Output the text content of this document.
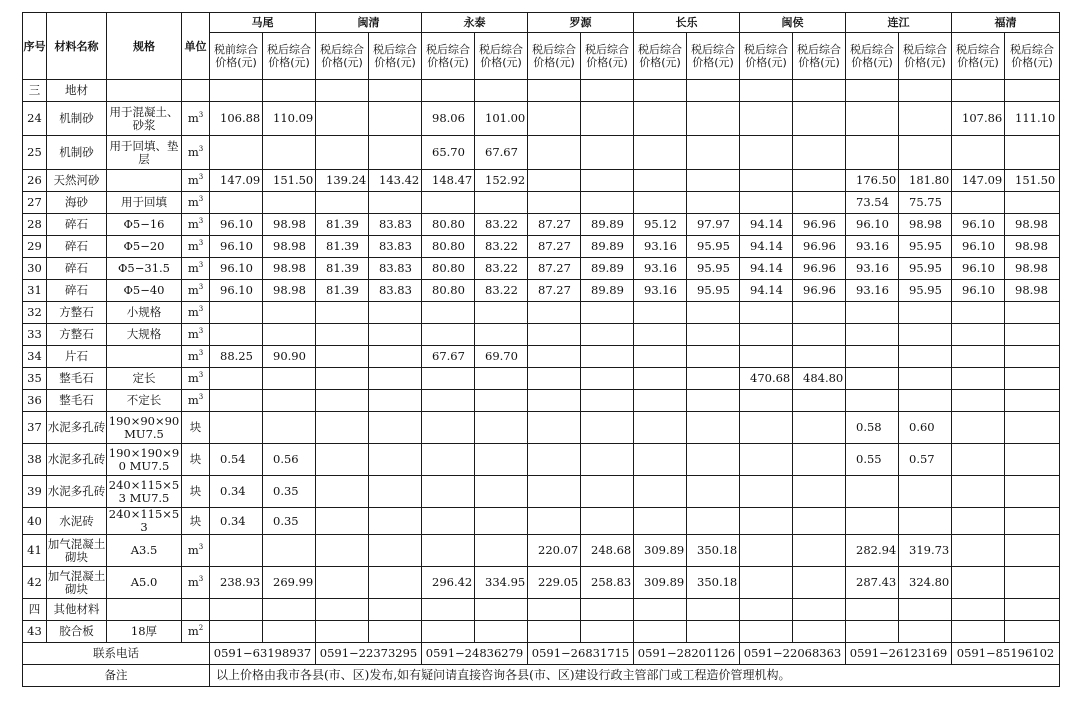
序号	材料名称	规格	单位	马尾		闽清		永泰		罗源		长乐		闽侯		连江		福清	
				税前综合价格(元)	税后综合价格(元)	税后综合价格(元)	税后综合价格(元)	税后综合价格(元)	税后综合价格(元)	税后综合价格(元)	税后综合价格(元)	税后综合价格(元)	税后综合价格(元)	税后综合价格(元)	税后综合价格(元)	税后综合价格(元)	税后综合价格(元)	税后综合价格(元)	税后综合价格(元)
三	地材																		
24	机制砂	用于混凝土、砂浆	$m^3$	106.88	110.09			98.06	101.00									107.86	111.10
25	机制砂	用于回填、垫层	$m^3$					65.70	67.67										
26	天然河砂		$m^3$	147.09	151.50	139.24	143.42	148.47	152.92							176.50	181.80	147.09	151.50
27	海砂	用于回填	$m^3$													73.54	75.75		
28	碎石	Φ5−16	$m^3$	96.10	98.98	81.39	83.83	80.80	83.22	87.27	89.89	95.12	97.97	94.14	96.96	96.10	98.98	96.10	98.98
29	碎石	Φ5−20	$m^3$	96.10	98.98	81.39	83.83	80.80	83.22	87.27	89.89	93.16	95.95	94.14	96.96	93.16	95.95	96.10	98.98
30	碎石	Φ5−31.5	$m^3$	96.10	98.98	81.39	83.83	80.80	83.22	87.27	89.89	93.16	95.95	94.14	96.96	93.16	95.95	96.10	98.98
31	碎石	Φ5−40	$m^3$	96.10	98.98	81.39	83.83	80.80	83.22	87.27	89.89	93.16	95.95	94.14	96.96	93.16	95.95	96.10	98.98
32	方整石	小规格	$m^3$																
33	方整石	大规格	$m^3$																
34	片石		$m^3$	88.25	90.90			67.67	69.70										
35	整毛石	定长	$m^3$											470.68	484.80				
36	整毛石	不定长	$m^3$																
37	水泥多孔砖	190×90×90 MU7.5	块													0.58	0.60		
38	水泥多孔砖	190×190×90 MU7.5	块	0.54	0.56											0.55	0.57		
39	水泥多孔砖	240×115×53 MU7.5	块	0.34	0.35														
40	水泥砖	240×115×53	块	0.34	0.35														
41	加气混凝土砌块	A3.5	$m^3$							220.07	248.68	309.89	350.18			282.94	319.73		
42	加气混凝土砌块	A5.0	$m^3$	238.93	269.99			296.42	334.95	229.05	258.83	309.89	350.18			287.43	324.80		
四	其他材料																		
43	胶合板	18厚	$m^2$																
联系电话				0591−63198937		0591−22373295		0591−24836279		0591−26831715		0591−28201126		0591−22068363		0591−26123169		0591−85196102	
备注				以上价格由我市各县(市、区)发布,如有疑问请直接咨询各县(市、区)建设行政主管部门或工程造价管理机构。															
